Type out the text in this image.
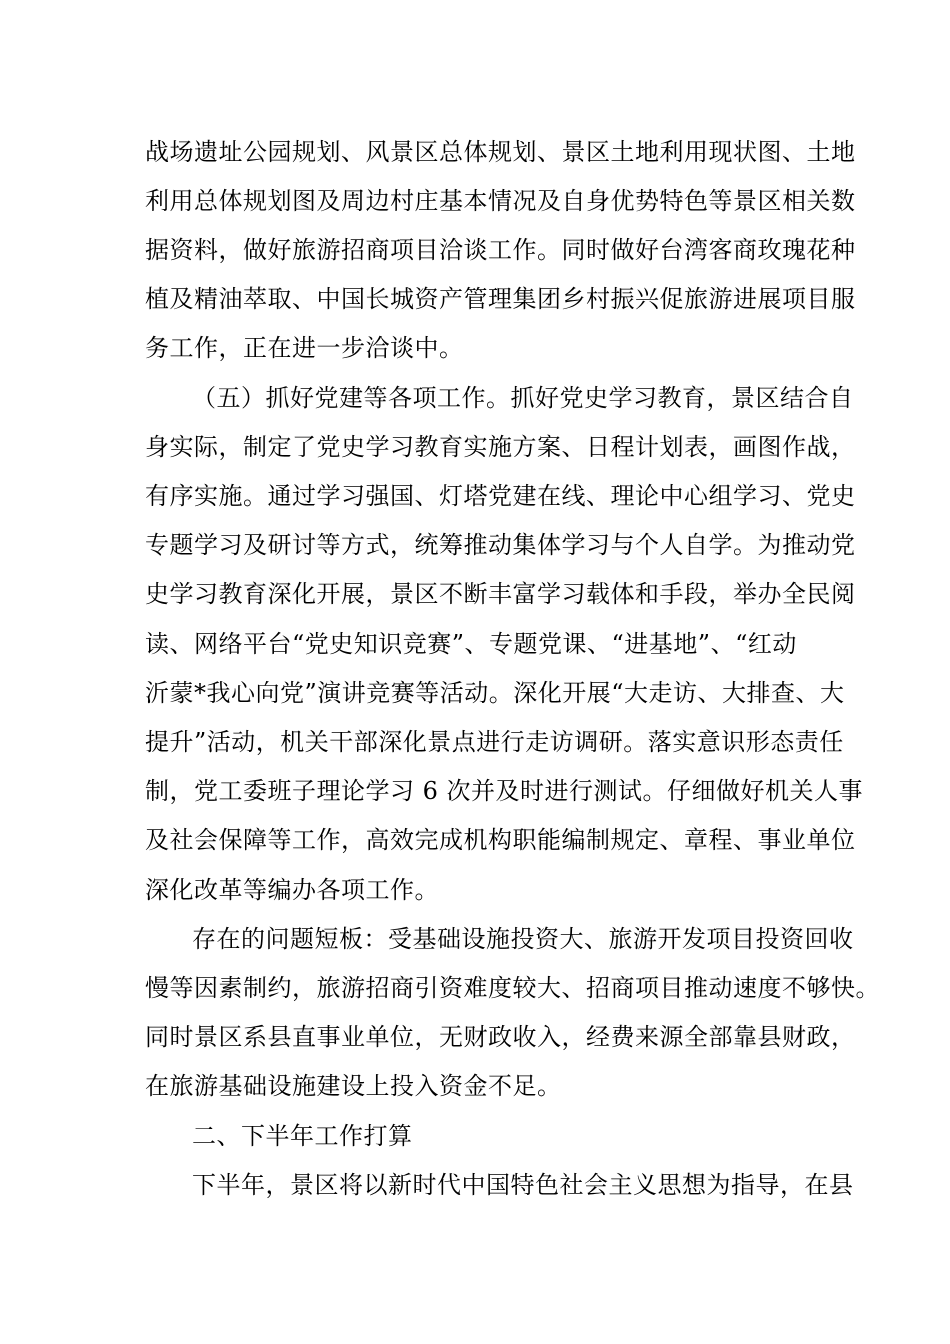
战场遗址公园规划、风景区总体规划、景区土地利用现状图、土地
利用总体规划图及周边村庄基本情况及自身优势特色等景区相关数
据资料，做好旅游招商项目洽谈工作。同时做好台湾客商玫瑰花种
植及精油萃取、中国长城资产管理集团乡村振兴促旅游进展项目服
务工作，正在进一步洽谈中。
（五）抓好党建等各项工作。抓好党史学习教育，景区结合自
身实际，制定了党史学习教育实施方案、日程计划表，画图作战，
有序实施。通过学习强国、灯塔党建在线、理论中心组学习、党史
专题学习及研讨等方式，统筹推动集体学习与个人自学。为推动党
史学习教育深化开展，景区不断丰富学习载体和手段，举办全民阅
读、网络平台“党史知识竞赛”、专题党课、“进基地”、“红动
沂蒙*我心向党”演讲竞赛等活动。深化开展“大走访、大排查、大
提升”活动，机关干部深化景点进行走访调研。落实意识形态责任
制，党工委班子理论学习 6 次并及时进行测试。仔细做好机关人事
及社会保障等工作，高效完成机构职能编制规定、章程、事业单位
深化改革等编办各项工作。
存在的问题短板：受基础设施投资大、旅游开发项目投资回收
慢等因素制约，旅游招商引资难度较大、招商项目推动速度不够快。
同时景区系县直事业单位，无财政收入，经费来源全部靠县财政，
在旅游基础设施建设上投入资金不足。
二、下半年工作打算
下半年，景区将以新时代中国特色社会主义思想为指导，在县
